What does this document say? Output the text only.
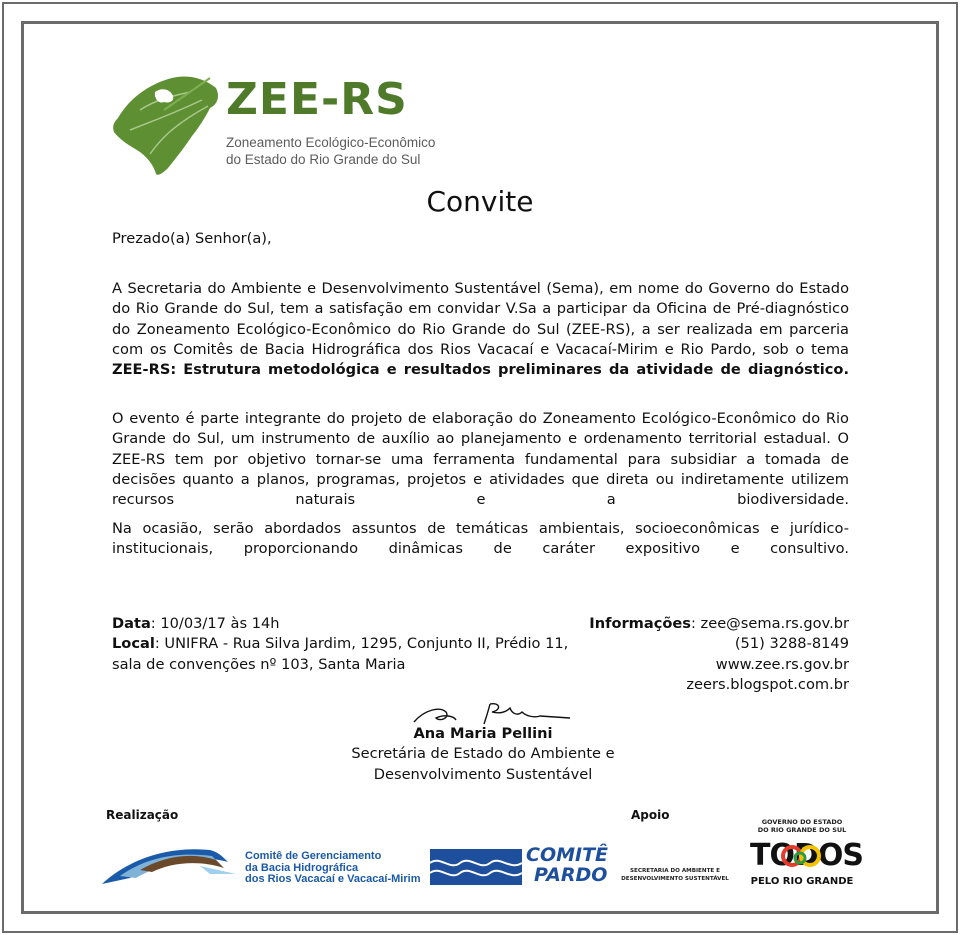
ZEE-RS
Zoneamento Ecológico-Econômico
do Estado do Rio Grande do Sul
Convite
Prezado(a) Senhor(a),
A Secretaria do Ambiente e Desenvolvimento Sustentável (Sema), em nome do Governo do Estado do Rio Grande do Sul, tem a satisfação em convidar V.Sa a participar da Oficina de Pré-diagnóstico do Zoneamento Ecológico-Econômico do Rio Grande do Sul (ZEE-RS), a ser realizada em parceria com os Comitês de Bacia Hidrográfica dos Rios Vacacaí e Vacacaí-Mirim e Rio Pardo, sob o tema ZEE-RS: Estrutura metodológica e resultados preliminares da atividade de diagnóstico.
O evento é parte integrante do projeto de elaboração do Zoneamento Ecológico-Econômico do Rio Grande do Sul, um instrumento de auxílio ao planejamento e ordenamento territorial estadual. O ZEE-RS tem por objetivo tornar-se uma ferramenta fundamental para subsidiar a tomada de decisões quanto a planos, programas, projetos e atividades que direta ou indiretamente utilizem recursos naturais e a biodiversidade.
Na ocasião, serão abordados assuntos de temáticas ambientais, socioeconômicas e jurídico-institucionais, proporcionando dinâmicas de caráter expositivo e consultivo.
Data: 10/03/17 às 14h
Local: UNIFRA - Rua Silva Jardim, 1295, Conjunto II, Prédio 11,
sala de convenções nº 103, Santa Maria
Informações: zee@sema.rs.gov.br
(51) 3288-8149
www.zee.rs.gov.br
zeers.blogspot.com.br
Ana Maria Pellini
Secretária de Estado do Ambiente e
Desenvolvimento Sustentável
Realização	Apoio
Comitê de Gerenciamento
da Bacia Hidrográfica
dos Rios Vacacaí e Vacacaí-Mirim
COMITÊ
PARDO	SECRETARIA DO AMBIENTE E
DESENVOLVIMENTO SUSTENTÁVEL
GOVERNO DO ESTADO
DO RIO GRANDE DO SUL
TODOS
PELO RIO GRANDE
